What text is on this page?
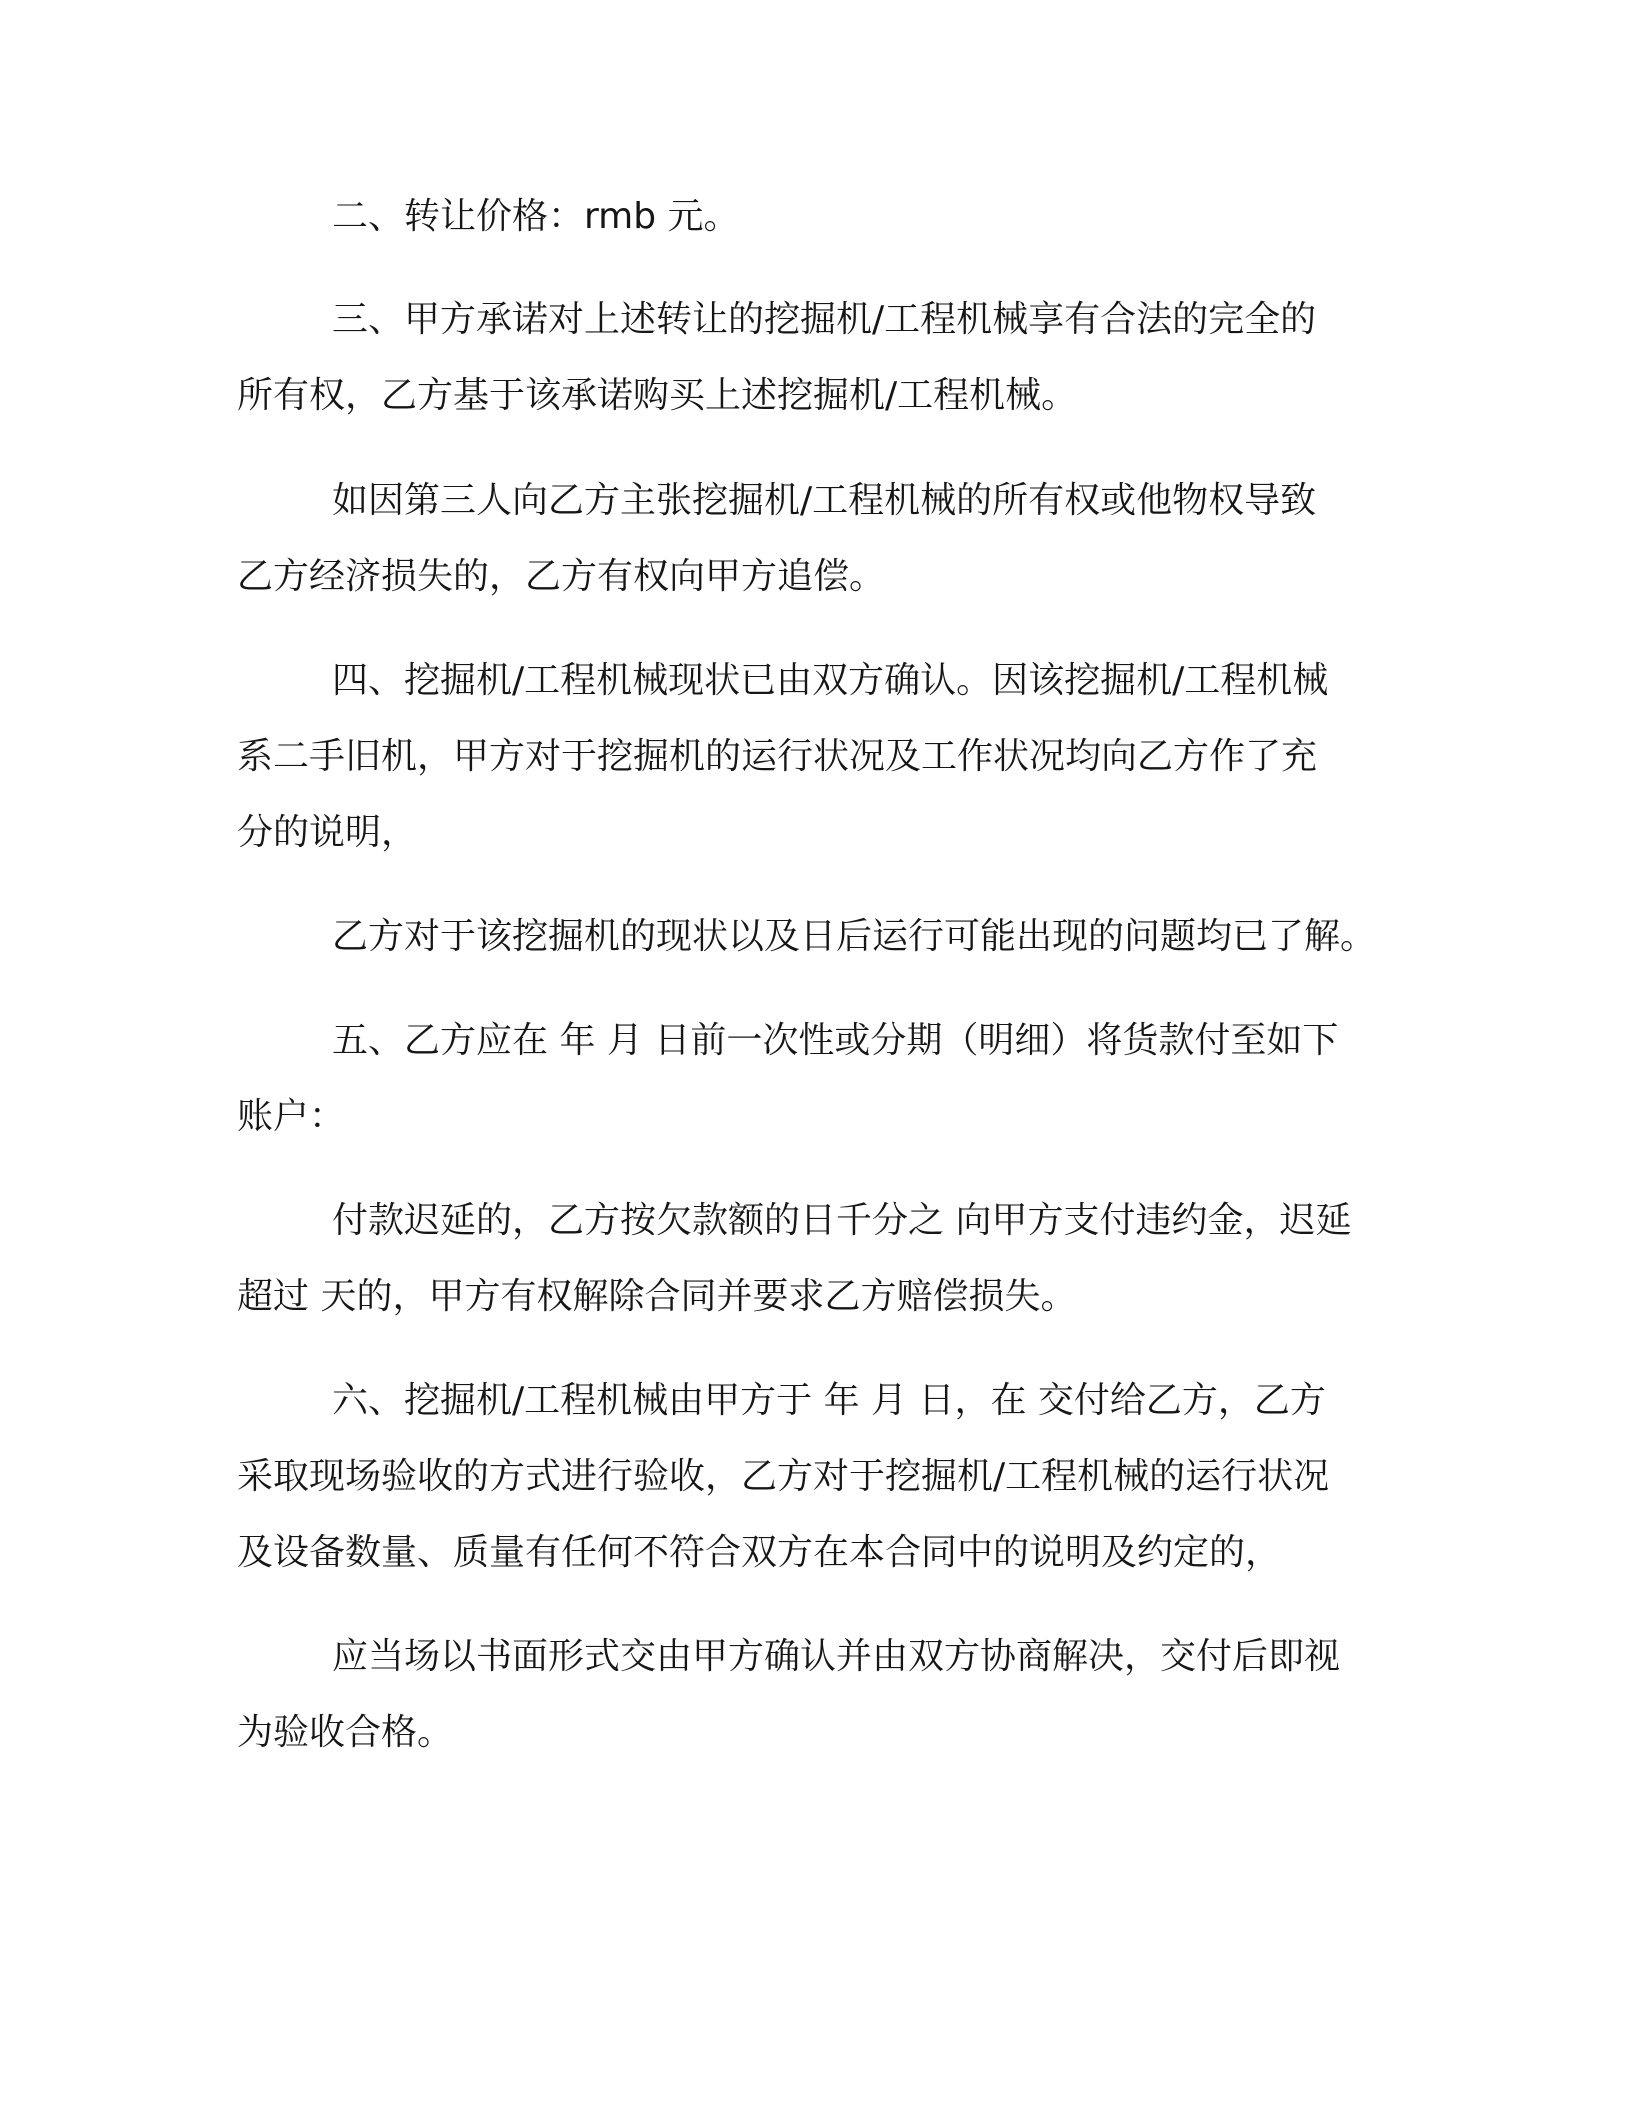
二、转让价格：rmb 元。
三、甲方承诺对上述转让的挖掘机/工程机械享有合法的完全的
所有权，乙方基于该承诺购买上述挖掘机/工程机械。
如因第三人向乙方主张挖掘机/工程机械的所有权或他物权导致
乙方经济损失的，乙方有权向甲方追偿。
四、挖掘机/工程机械现状已由双方确认。因该挖掘机/工程机械
系二手旧机，甲方对于挖掘机的运行状况及工作状况均向乙方作了充
分的说明，
乙方对于该挖掘机的现状以及日后运行可能出现的问题均已了解。
五、乙方应在 年 月 日前一次性或分期（明细）将货款付至如下
账户：
付款迟延的，乙方按欠款额的日千分之 向甲方支付违约金，迟延
超过 天的，甲方有权解除合同并要求乙方赔偿损失。
六、挖掘机/工程机械由甲方于 年 月 日，在 交付给乙方，乙方
采取现场验收的方式进行验收，乙方对于挖掘机/工程机械的运行状况
及设备数量、质量有任何不符合双方在本合同中的说明及约定的，
应当场以书面形式交由甲方确认并由双方协商解决，交付后即视
为验收合格。
